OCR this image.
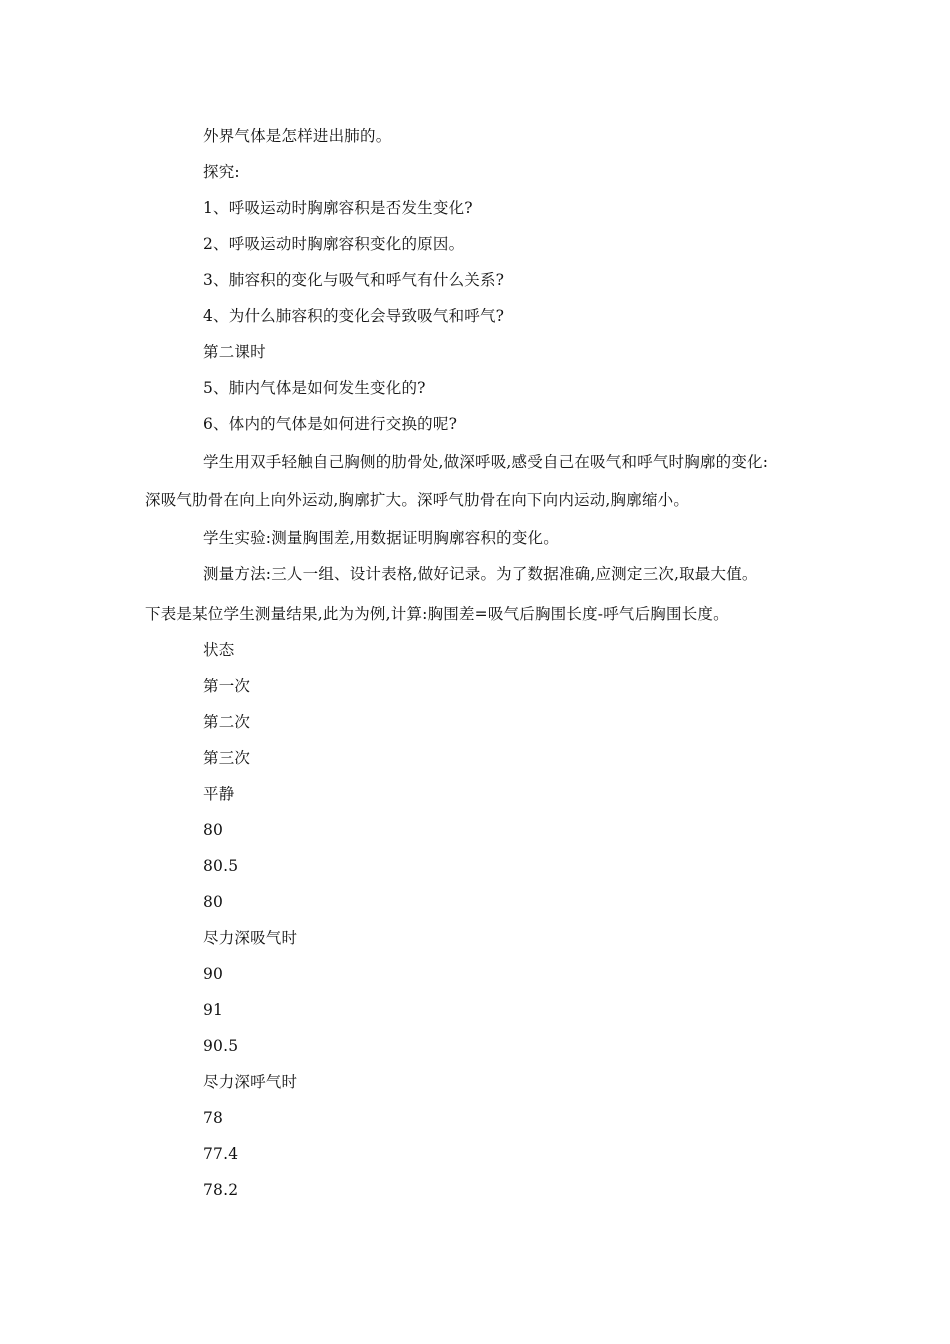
外界气体是怎样进出肺的。
探究:
1、呼吸运动时胸廓容积是否发生变化?
2、呼吸运动时胸廓容积变化的原因。
3、肺容积的变化与吸气和呼气有什么关系?
4、为什么肺容积的变化会导致吸气和呼气?
第二课时
5、肺内气体是如何发生变化的?
6、体内的气体是如何进行交换的呢?
学生用双手轻触自己胸侧的肋骨处,做深呼吸,感受自己在吸气和呼气时胸廓的变化:
深吸气肋骨在向上向外运动,胸廓扩大。深呼气肋骨在向下向内运动,胸廓缩小。
学生实验:测量胸围差,用数据证明胸廓容积的变化。
测量方法:三人一组、设计表格,做好记录。为了数据准确,应测定三次,取最大值。
下表是某位学生测量结果,此为为例,计算:胸围差=吸气后胸围长度-呼气后胸围长度。
状态
第一次
第二次
第三次
平静
80
80.5
80
尽力深吸气时
90
91
90.5
尽力深呼气时
78
77.4
78.2
